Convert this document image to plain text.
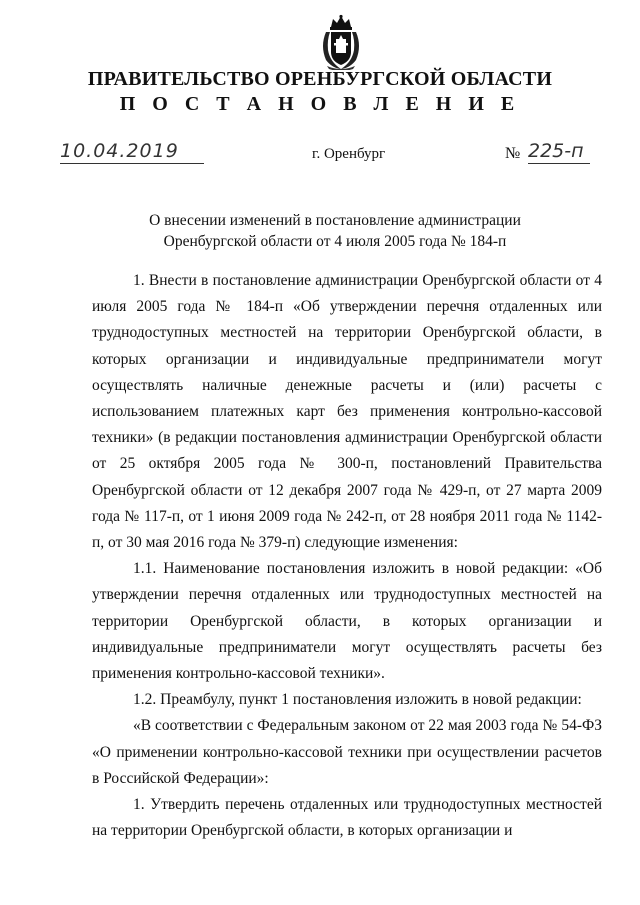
ПРАВИТЕЛЬСТВО ОРЕНБУРГСКОЙ ОБЛАСТИ
П О С Т А Н О В Л Е Н И Е
10.04.2019	г. Оренбург	№ 225-п
О внесении изменений в постановление администрации
Оренбургской области от 4 июля 2005 года № 184-п

1. Внести в постановление администрации Оренбургской области от 4 июля 2005 года № 184-п «Об утверждении перечня отдаленных или труднодоступных местностей на территории Оренбургской области, в которых организации и индивидуальные предприниматели могут осуществлять наличные денежные расчеты и (или) расчеты с использованием платежных карт без применения контрольно-кассовой техники» (в редакции постановления администрации Оренбургской области от 25 октября 2005 года № 300-п, постановлений Правительства Оренбургской области от 12 декабря 2007 года № 429-п, от 27 марта 2009 года № 117-п, от 1 июня 2009 года № 242-п, от 28 ноября 2011 года № 1142-п, от 30 мая 2016 года № 379-п) следующие изменения:

1.1. Наименование постановления изложить в новой редакции: «Об утверждении перечня отдаленных или труднодоступных местностей на территории Оренбургской области, в которых организации и индивидуальные предприниматели могут осуществлять расчеты без применения контрольно-кассовой техники».

1.2. Преамбулу, пункт 1 постановления изложить в новой редакции:

«В соответствии с Федеральным законом от 22 мая 2003 года № 54-ФЗ «О применении контрольно-кассовой техники при осуществлении расчетов в Российской Федерации»:

1. Утвердить перечень отдаленных или труднодоступных местностей на территории Оренбургской области, в которых организации и
